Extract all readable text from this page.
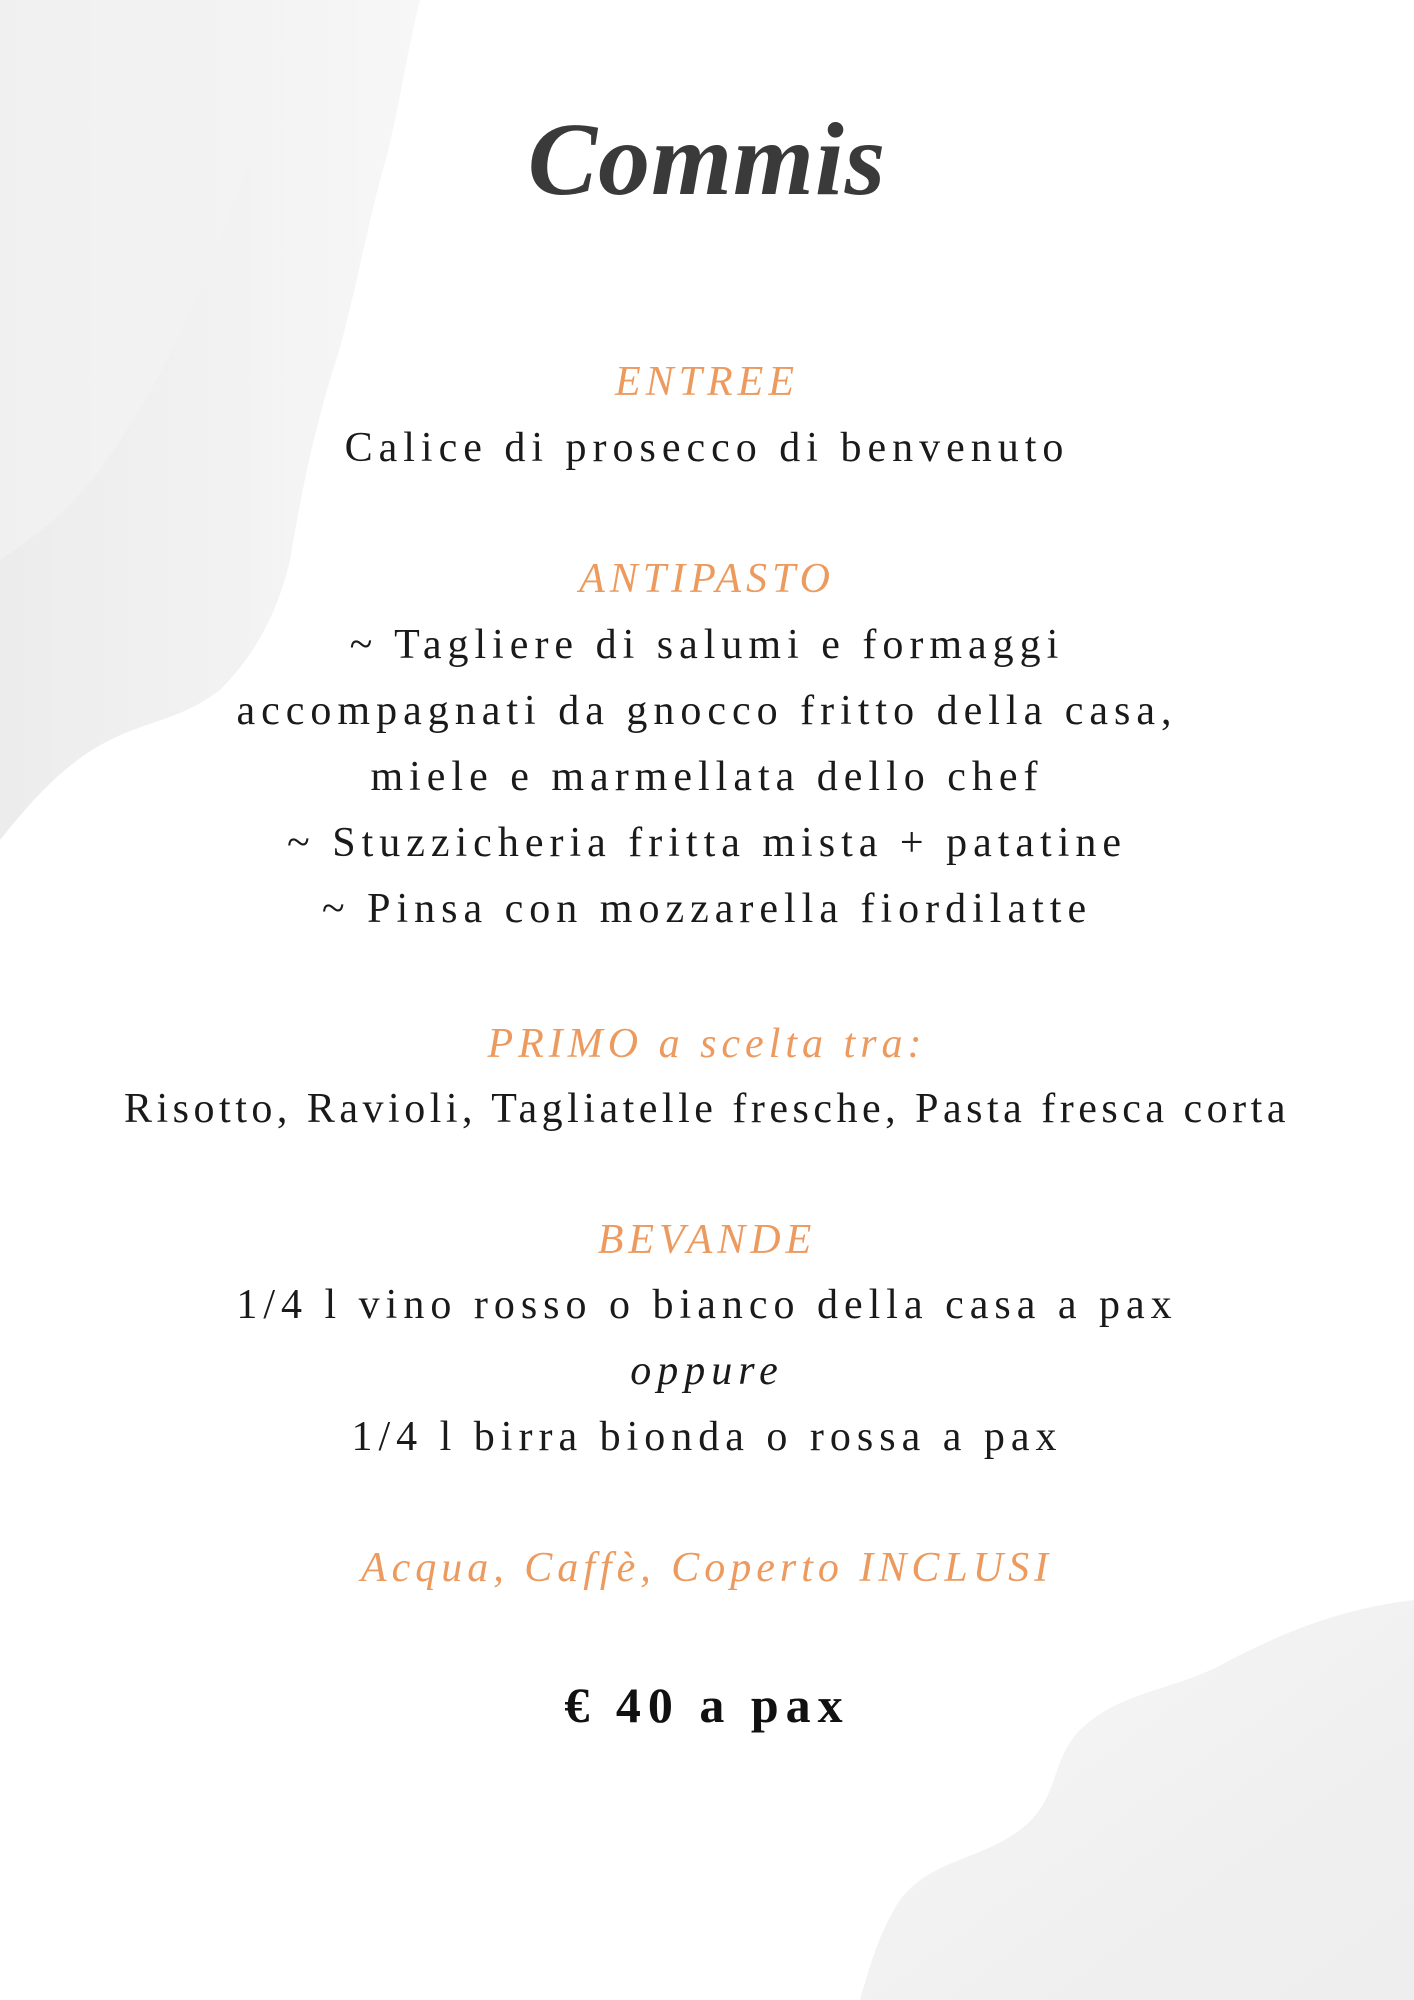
Commis
ENTREE
Calice di prosecco di benvenuto
ANTIPASTO
~ Tagliere di salumi e formaggi
accompagnati da gnocco fritto della casa,
miele e marmellata dello chef
~ Stuzzicheria fritta mista + patatine
~ Pinsa con mozzarella fiordilatte
PRIMO a scelta tra:
Risotto, Ravioli, Tagliatelle fresche, Pasta fresca corta
BEVANDE
1/4 l vino rosso o bianco della casa a pax
oppure
1/4 l birra bionda o rossa a pax
Acqua, Caffè, Coperto INCLUSI
€ 40 a pax
